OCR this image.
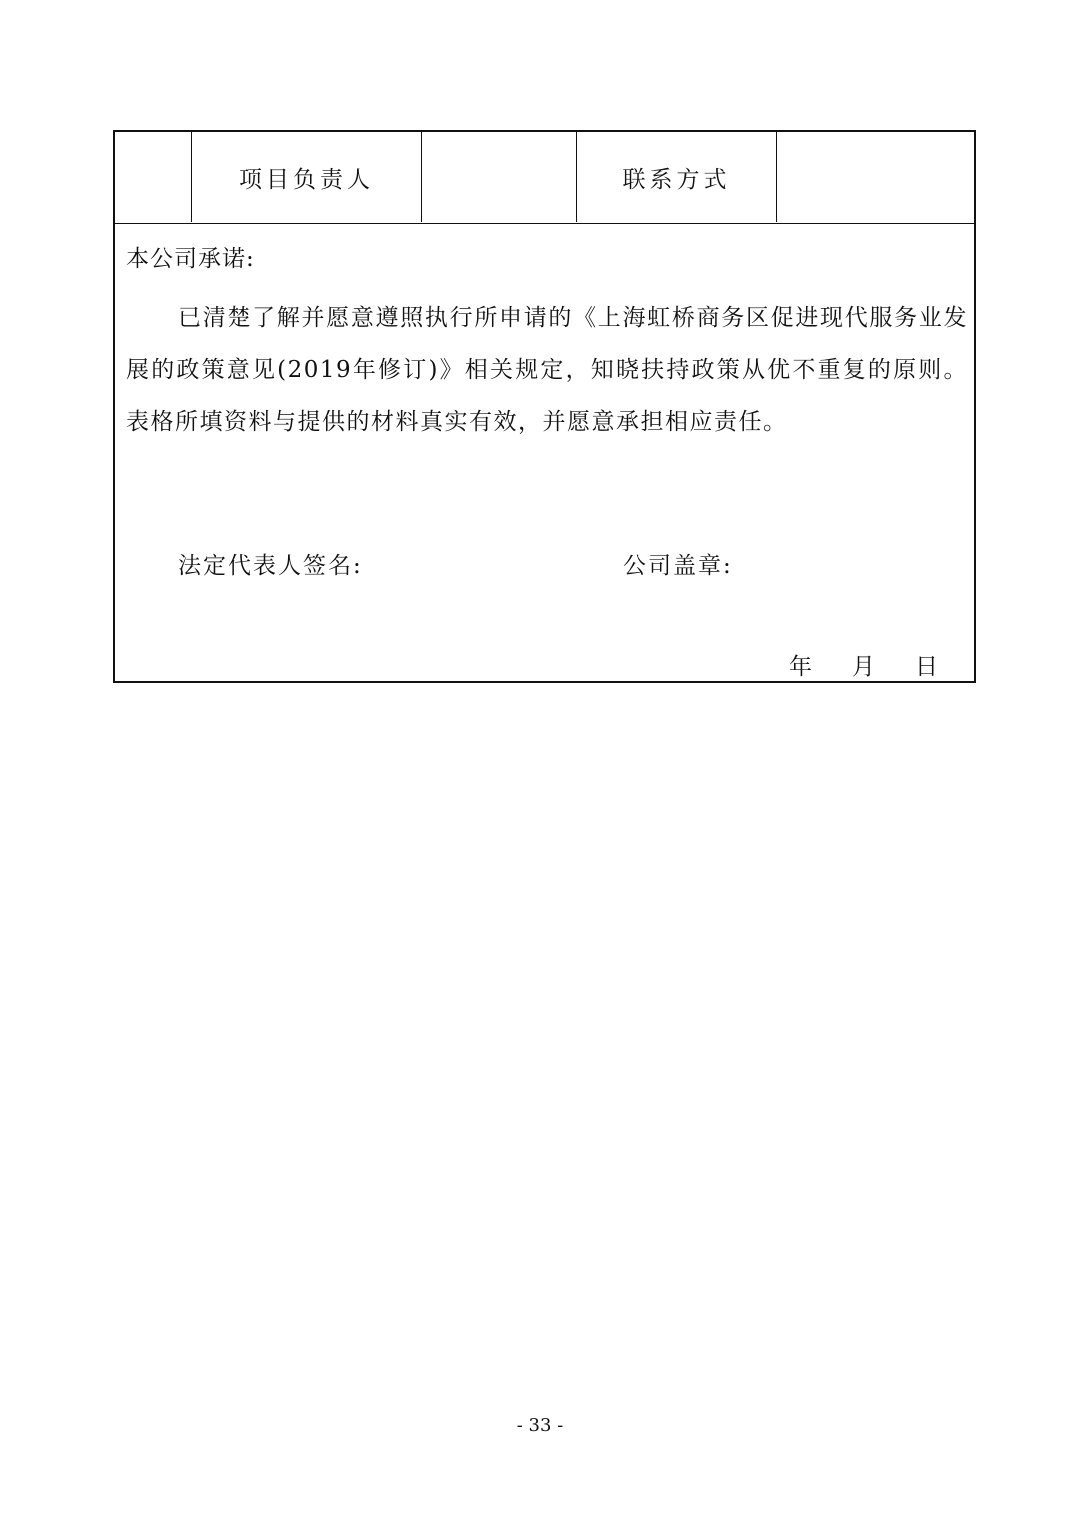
项目负责人	联系方式
本公司承诺:

已清楚了解并愿意遵照执行所申请的《上海虹桥商务区促进现代服务业发展的政策意见(2019年修订)》相关规定，知晓扶持政策从优不重复的原则。表格所填资料与提供的材料真实有效，并愿意承担相应责任。

法定代表人签名:	公司盖章:
年 月 日
- 33 -
